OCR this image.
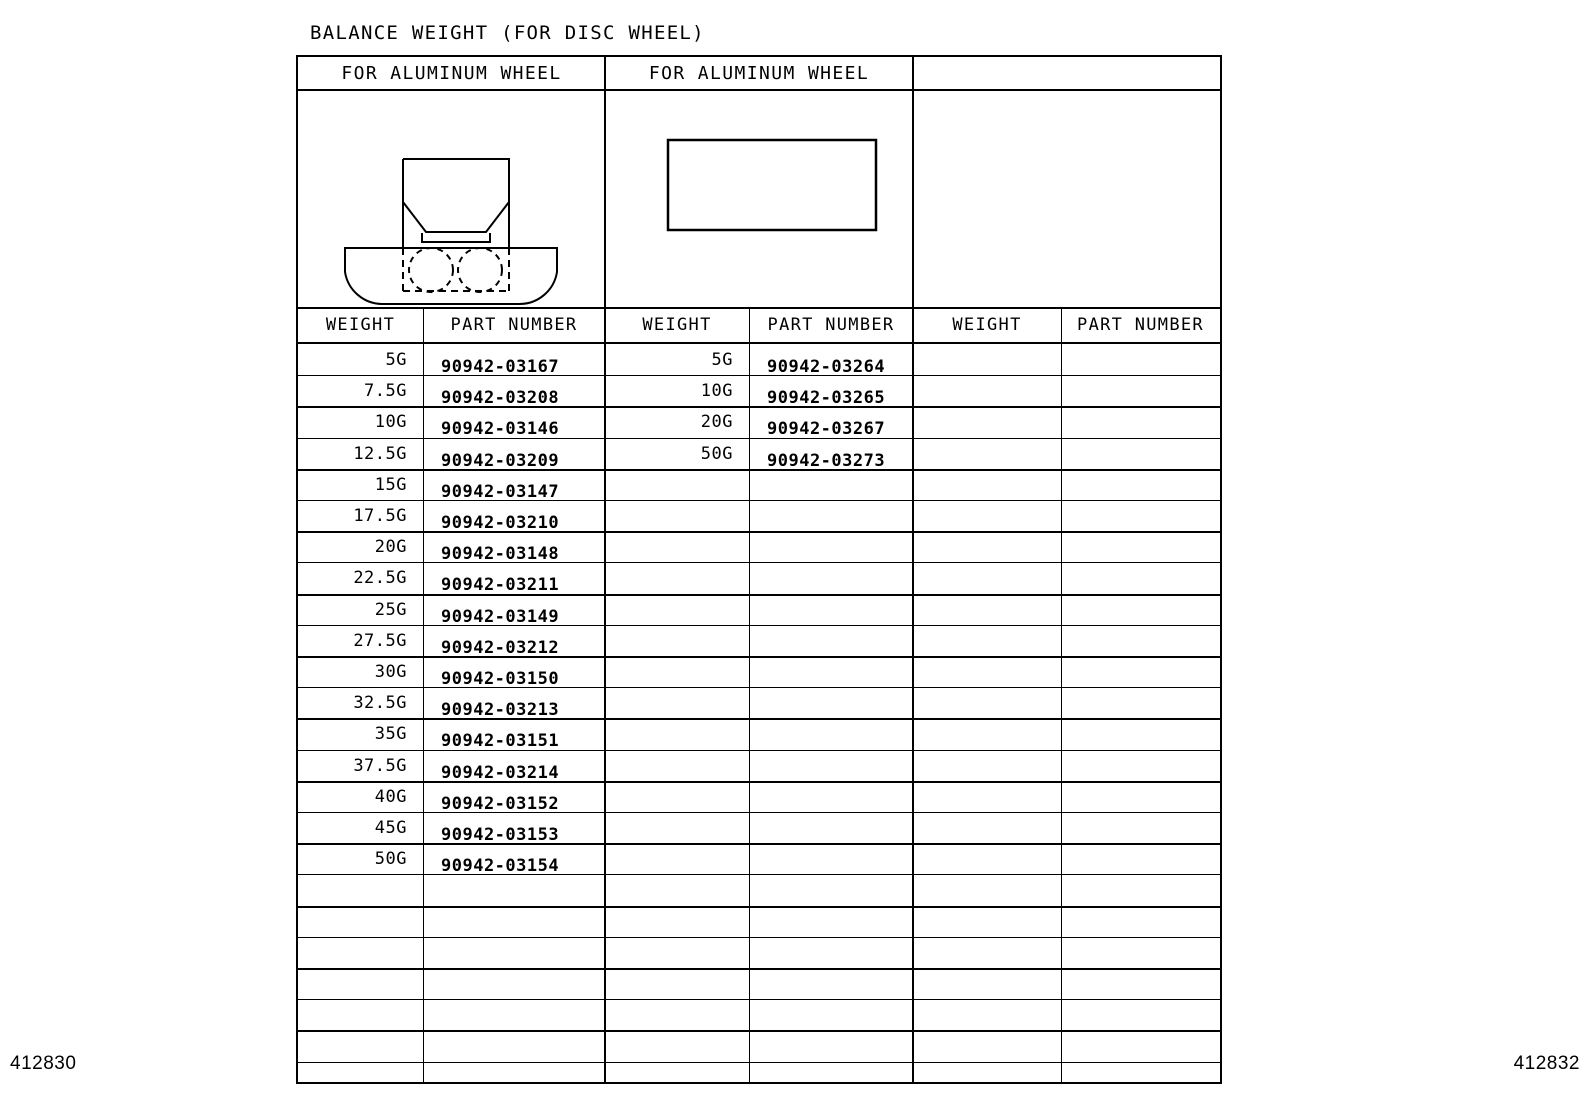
BALANCE WEIGHT (FOR DISC WHEEL)
FOR ALUMINUM WHEEL
WEIGHT	PART NUMBER
5G 90942-03167
7.5G 90942-03208
10G 90942-03146
12.5G 90942-03209
15G 90942-03147
17.5G 90942-03210
20G 90942-03148
22.5G 90942-03211
25G 90942-03149
27.5G 90942-03212
30G 90942-03150
32.5G 90942-03213
35G 90942-03151
37.5G 90942-03214
40G 90942-03152
45G 90942-03153
50G 90942-03154
FOR ALUMINUM WHEEL
WEIGHT	PART NUMBER
5G 90942-03264
10G 90942-03265
20G 90942-03267
50G 90942-03273
WEIGHT	PART NUMBER
412830	412832
